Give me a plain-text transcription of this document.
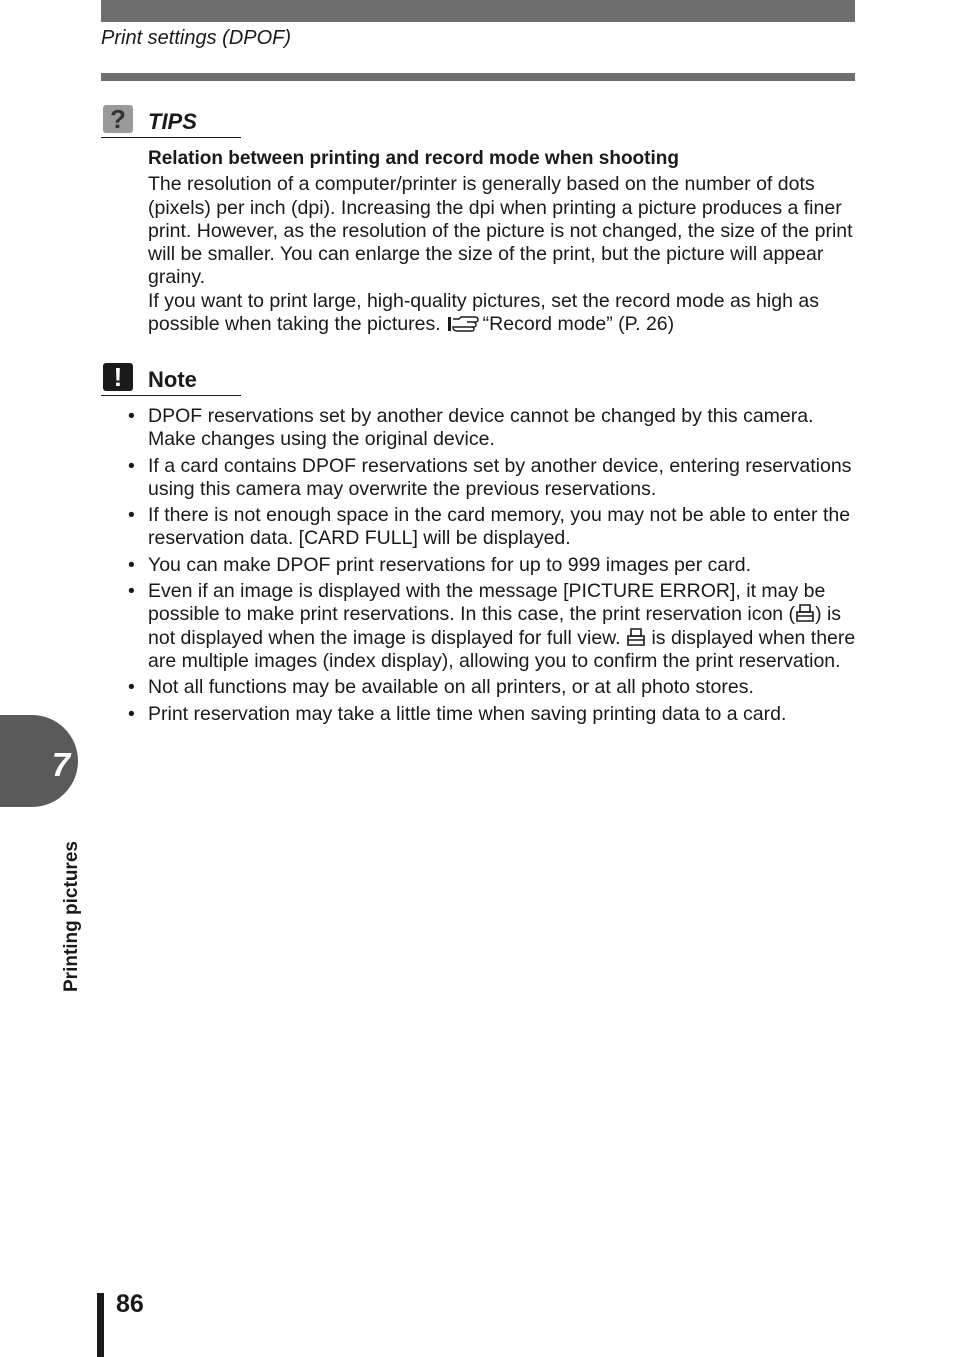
Print settings (DPOF)
?	TIPS
Relation between printing and record mode when shooting
The resolution of a computer/printer is generally based on the number of dots (pixels) per inch (dpi). Increasing the dpi when printing a picture produces a finer print. However, as the resolution of the picture is not changed, the size of the print will be smaller. You can enlarge the size of the print, but the picture will appear grainy.
If you want to print large, high-quality pictures, set the record mode as high as possible when taking the pictures. “Record mode” (P. 26)
!	Note
• DPOF reservations set by another device cannot be changed by this camera. Make changes using the original device.
• If a card contains DPOF reservations set by another device, entering reservations using this camera may overwrite the previous reservations.
• If there is not enough space in the card memory, you may not be able to enter the reservation data. [CARD FULL] will be displayed.
• You can make DPOF print reservations for up to 999 images per card.
• Even if an image is displayed with the message [PICTURE ERROR], it may be possible to make print reservations. In this case, the print reservation icon ( ) is not displayed when the image is displayed for full view. is displayed when there are multiple images (index display), allowing you to confirm the print reservation.
• Not all functions may be available on all printers, or at all photo stores.
• Print reservation may take a little time when saving printing data to a card.
7
Printing pictures
86
